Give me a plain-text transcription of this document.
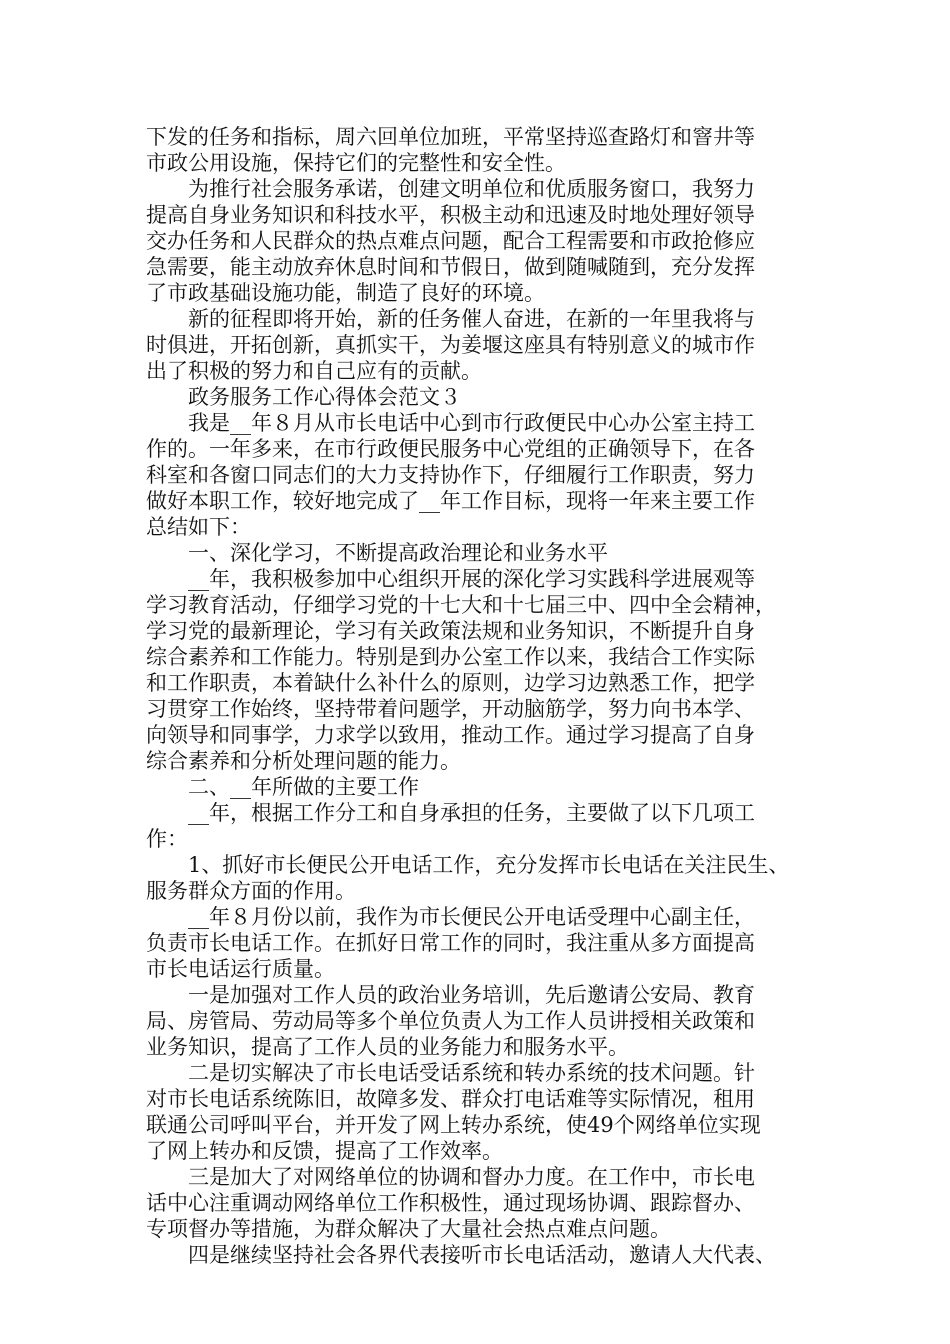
下发的任务和指标，周六回单位加班，平常坚持巡查路灯和窨井等
市政公用设施，保持它们的完整性和安全性。
为推行社会服务承诺，创建文明单位和优质服务窗口，我努力
提高自身业务知识和科技水平，积极主动和迅速及时地处理好领导
交办任务和人民群众的热点难点问题，配合工程需要和市政抢修应
急需要，能主动放弃休息时间和节假日，做到随喊随到，充分发挥
了市政基础设施功能，制造了良好的环境。
新的征程即将开始，新的任务催人奋进，在新的一年里我将与
时俱进，开拓创新，真抓实干，为姜堰这座具有特别意义的城市作
出了积极的努力和自己应有的贡献。
政务服务工作心得体会范文３
我是__年８月从市长电话中心到市行政便民中心办公室主持工
作的。一年多来，在市行政便民服务中心党组的正确领导下，在各
科室和各窗口同志们的大力支持协作下，仔细履行工作职责，努力
做好本职工作，较好地完成了__年工作目标，现将一年来主要工作
总结如下：
一、深化学习，不断提高政治理论和业务水平
__年，我积极参加中心组织开展的深化学习实践科学进展观等
学习教育活动，仔细学习党的十七大和十七届三中、四中全会精神，
学习党的最新理论，学习有关政策法规和业务知识，不断提升自身
综合素养和工作能力。特别是到办公室工作以来，我结合工作实际
和工作职责，本着缺什么补什么的原则，边学习边熟悉工作，把学
习贯穿工作始终，坚持带着问题学，开动脑筋学，努力向书本学、
向领导和同事学，力求学以致用，推动工作。通过学习提高了自身
综合素养和分析处理问题的能力。
二、__年所做的主要工作
__年，根据工作分工和自身承担的任务，主要做了以下几项工
作：
1、抓好市长便民公开电话工作，充分发挥市长电话在关注民生、
服务群众方面的作用。
__年８月份以前，我作为市长便民公开电话受理中心副主任，
负责市长电话工作。在抓好日常工作的同时，我注重从多方面提高
市长电话运行质量。
一是加强对工作人员的政治业务培训，先后邀请公安局、教育
局、房管局、劳动局等多个单位负责人为工作人员讲授相关政策和
业务知识，提高了工作人员的业务能力和服务水平。
二是切实解决了市长电话受话系统和转办系统的技术问题。针
对市长电话系统陈旧，故障多发、群众打电话难等实际情况，租用
联通公司呼叫平台，并开发了网上转办系统，使49个网络单位实现
了网上转办和反馈，提高了工作效率。
三是加大了对网络单位的协调和督办力度。在工作中，市长电
话中心注重调动网络单位工作积极性，通过现场协调、跟踪督办、
专项督办等措施，为群众解决了大量社会热点难点问题。
四是继续坚持社会各界代表接听市长电话活动，邀请人大代表、
